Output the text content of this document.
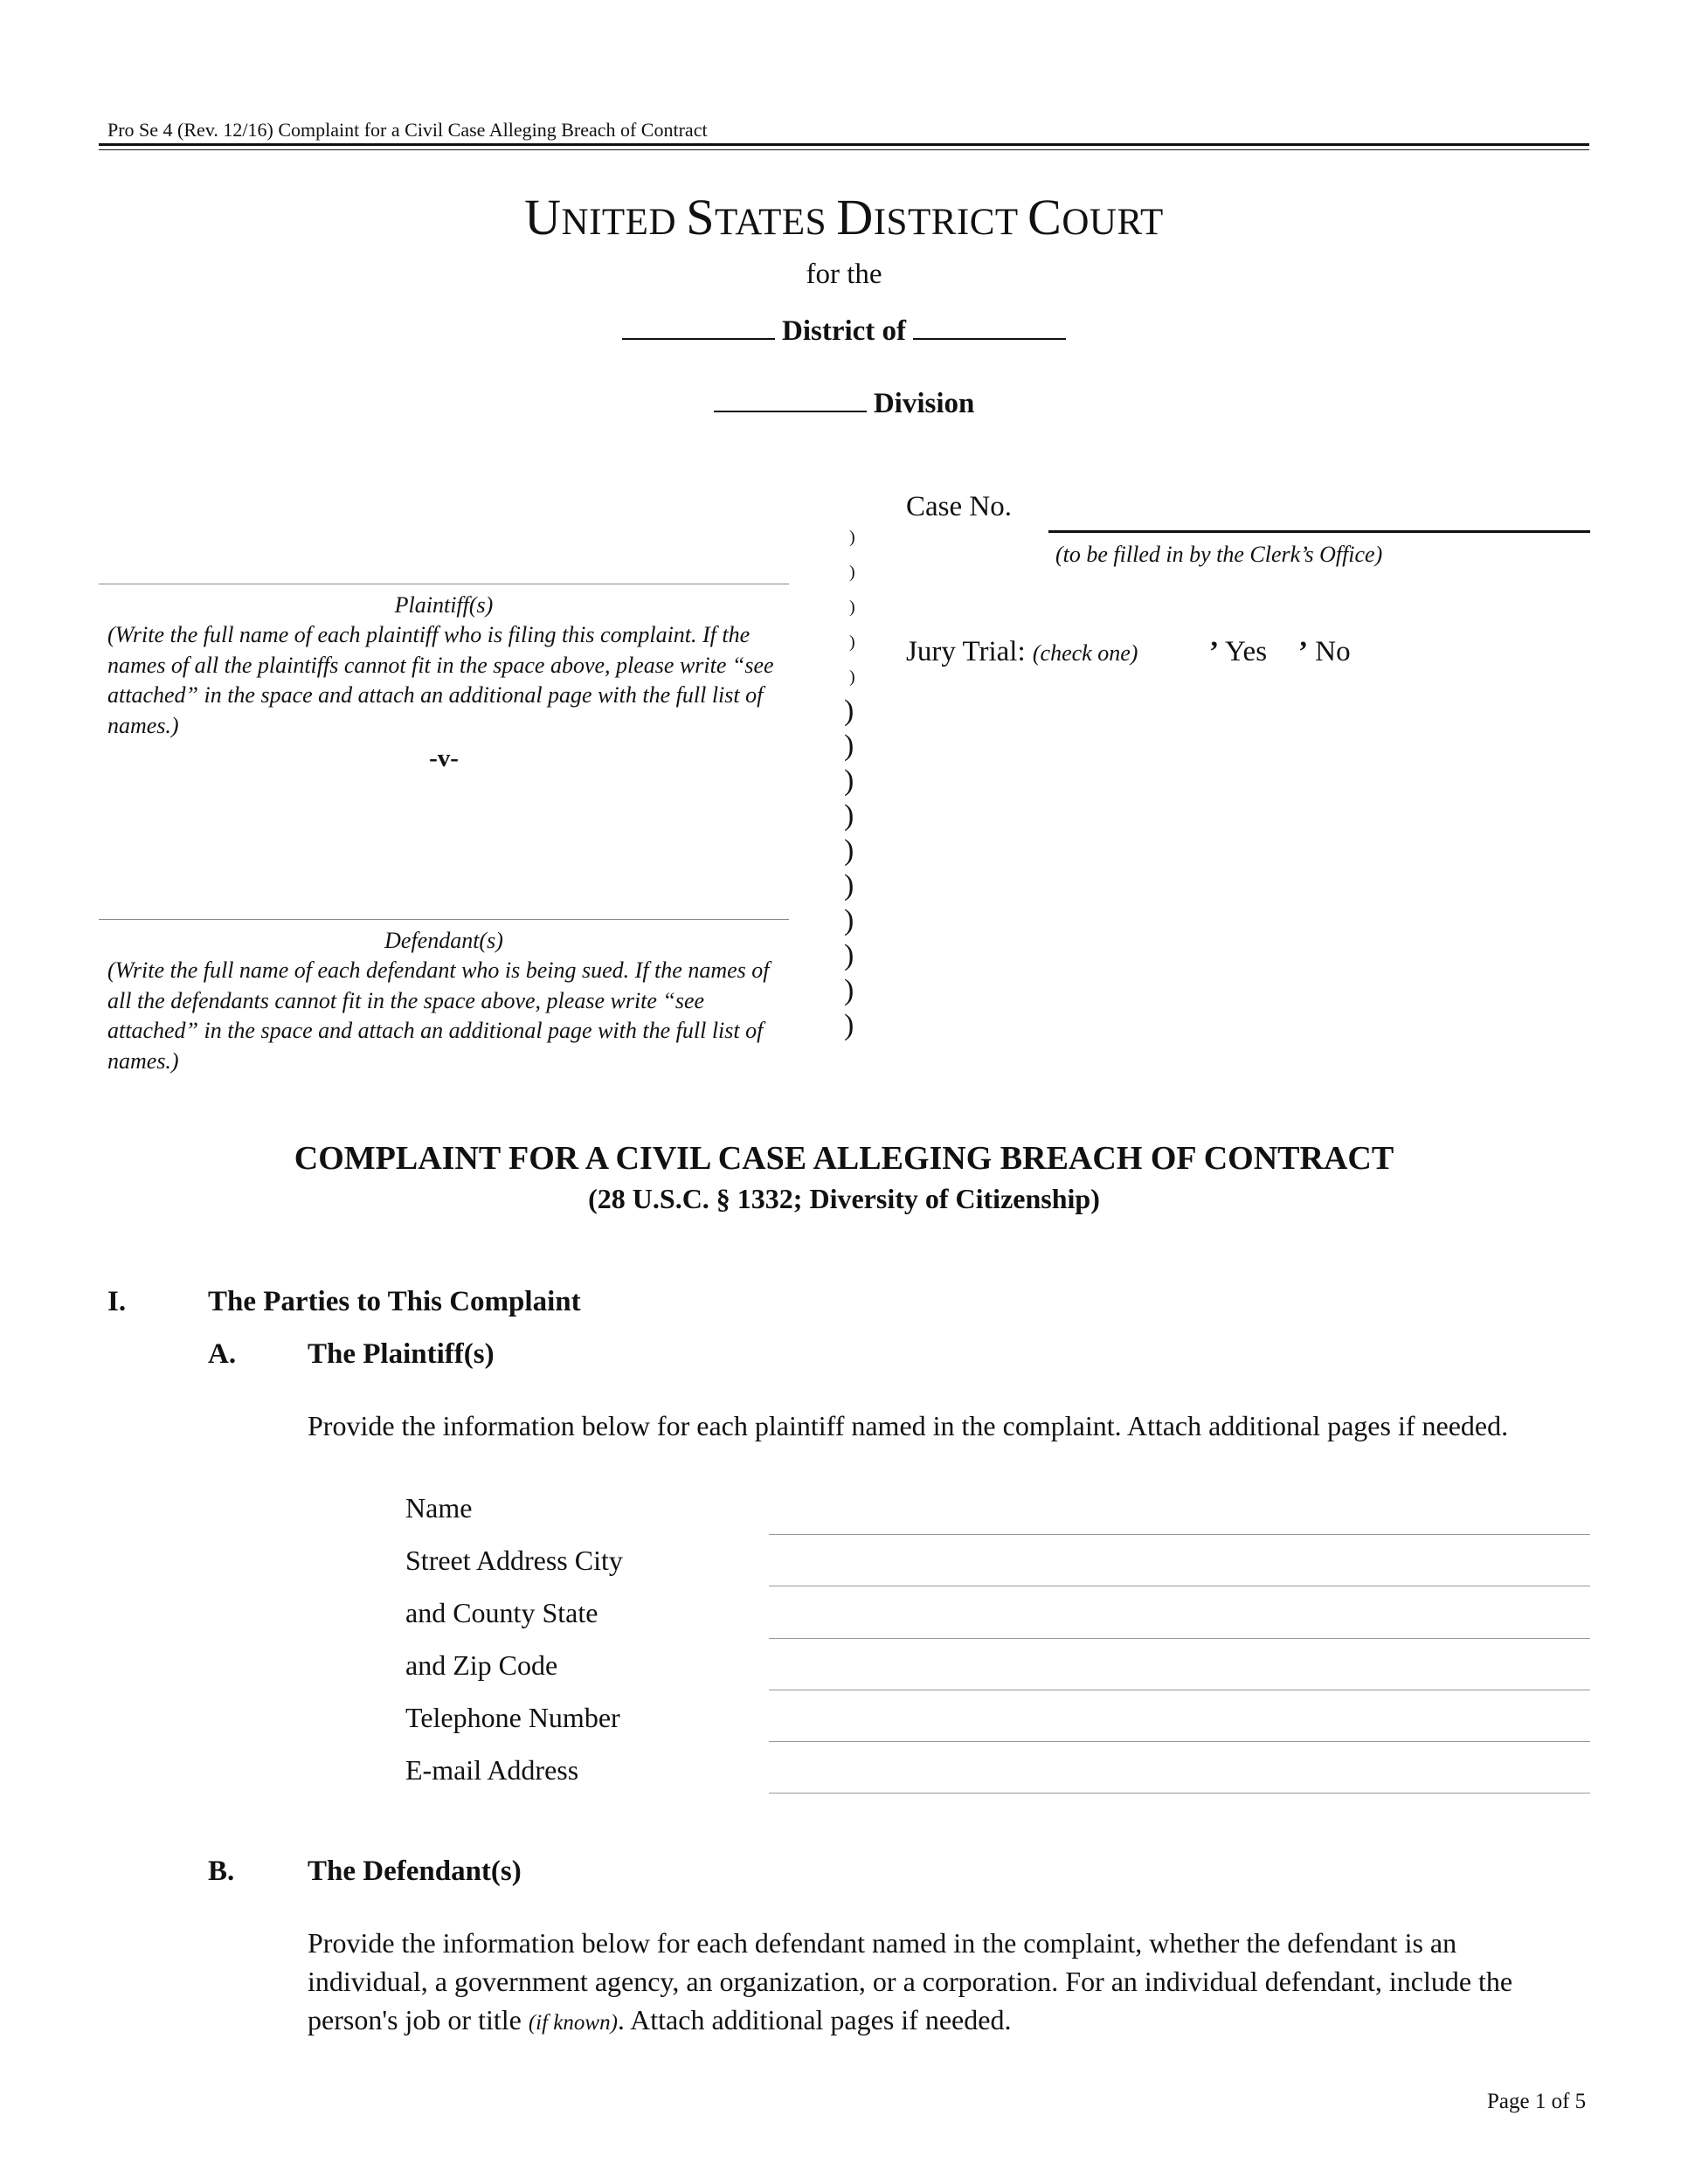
Pro Se 4 (Rev. 12/16) Complaint for a Civil Case Alleging Breach of Contract
UNITED STATES DISTRICT COURT
for the
District of
Division
Plaintiff(s)
(Write the full name of each plaintiff who is filing this complaint. If the names of all the plaintiffs cannot fit in the space above, please write “see attached” in the space and attach an additional page with the full list of names.)
-v-
Defendant(s)
(Write the full name of each defendant who is being sued. If the names of all the defendants cannot fit in the space above, please write “see attached” in the space and attach an additional page with the full list of names.)
)
)
)
)
)
)
)
)
)
)
)
)
)
)
)
Case No.
(to be filled in by the Clerk’s Office)
Jury Trial: (check one) ’ Yes ’ No
COMPLAINT FOR A CIVIL CASE ALLEGING BREACH OF CONTRACT
(28 U.S.C. § 1332; Diversity of Citizenship)
I.	The Parties to This Complaint
A. The Plaintiff(s)
Provide the information below for each plaintiff named in the complaint. Attach additional pages if needed.
Name
Street Address City
and County State
and Zip Code
Telephone Number
E-mail Address
B.	The Defendant(s)
Provide the information below for each defendant named in the complaint, whether the defendant is an individual, a government agency, an organization, or a corporation. For an individual defendant, include the person's job or title (if known). Attach additional pages if needed.
Page 1 of 5
